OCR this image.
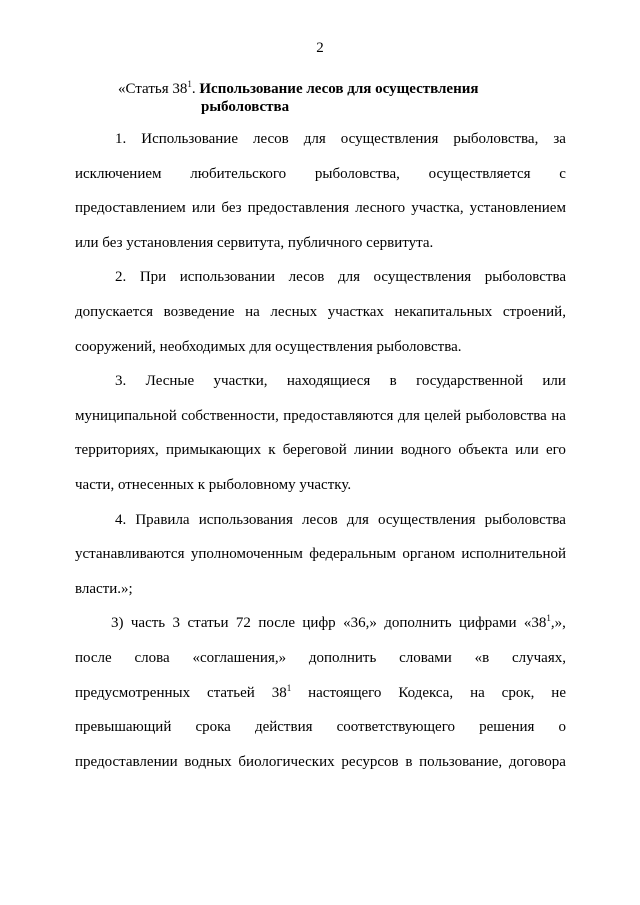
2
«Статья $38^1$. Использование лесов для осуществления
рыболовства
1. Использование лесов для осуществления рыболовства, за
исключением любительского рыболовства, осуществляется с
предоставлением или без предоставления лесного участка, установлением
или без установления сервитута, публичного сервитута.
2. При использовании лесов для осуществления рыболовства
допускается возведение на лесных участках некапитальных строений,
сооружений, необходимых для осуществления рыболовства.
3. Лесные участки, находящиеся в государственной или
муниципальной собственности, предоставляются для целей рыболовства на
территориях, примыкающих к береговой линии водного объекта или его
части, отнесенных к рыболовному участку.
4. Правила использования лесов для осуществления рыболовства
устанавливаются уполномоченным федеральным органом исполнительной
власти.»;
3) часть 3 статьи 72 после цифр «36,» дополнить цифрами «$38^1$,»,
после слова «соглашения,» дополнить словами «в случаях,
предусмотренных статьей $38^1$ настоящего Кодекса, на срок, не
превышающий срока действия соответствующего решения о
предоставлении водных биологических ресурсов в пользование, договора
